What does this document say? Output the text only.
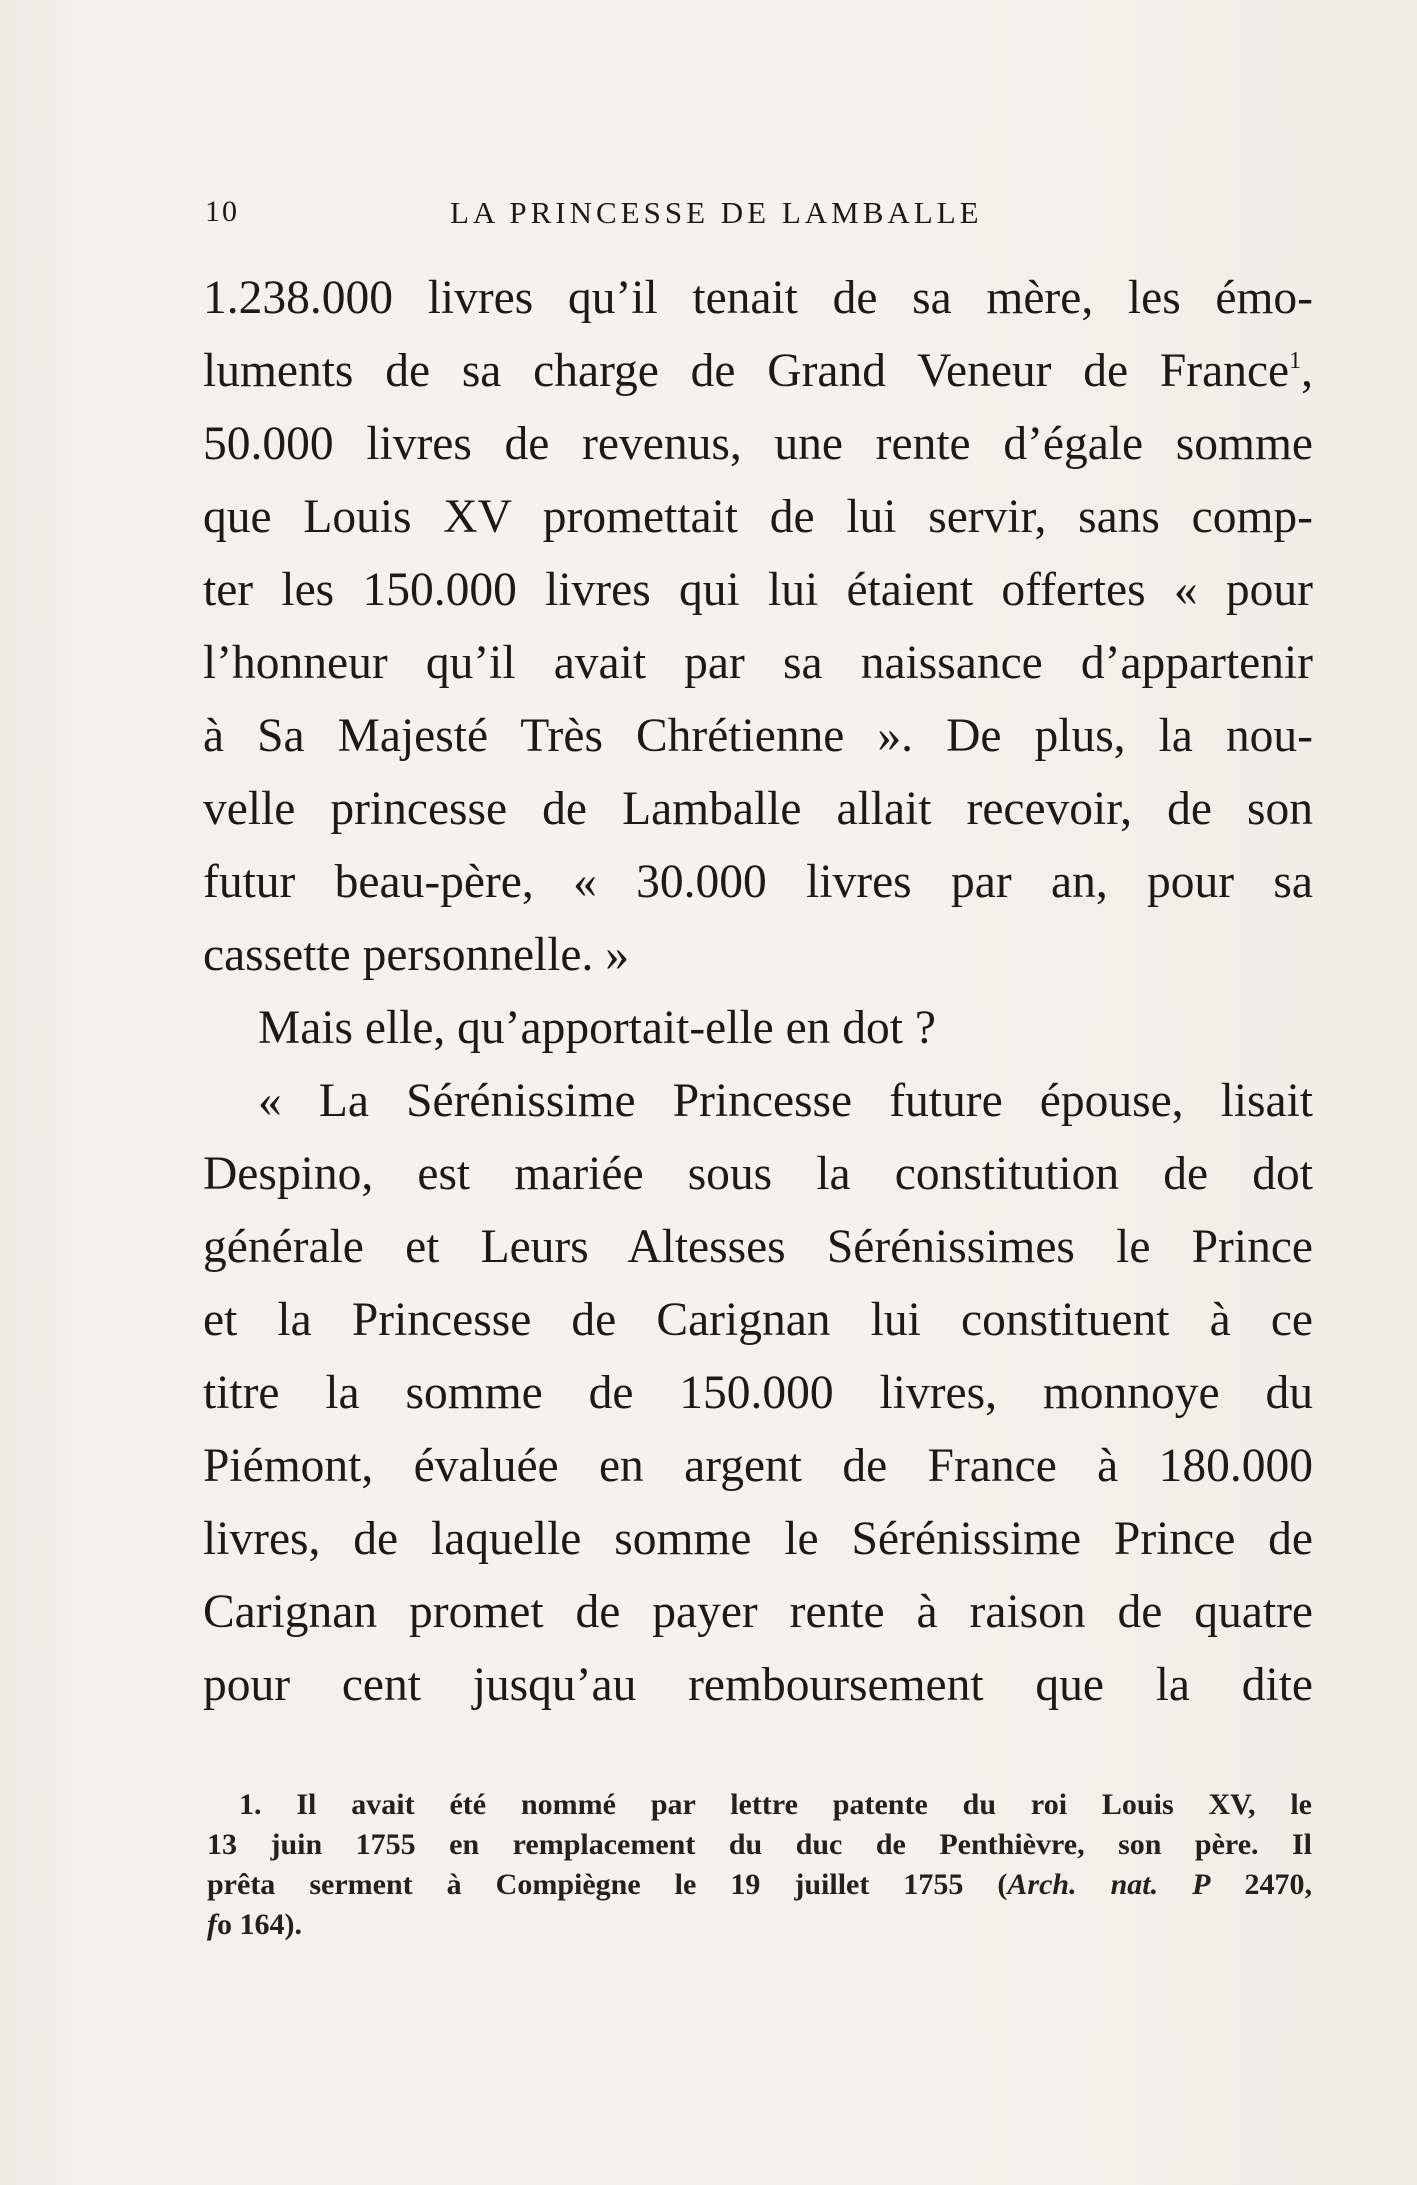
10	LA PRINCESSE DE LAMBALLE
1.238.000 livres qu’il tenait de sa mère, les émo-
luments de sa charge de Grand Veneur de France$^1$,
50.000 livres de revenus, une rente d’égale somme
que Louis XV promettait de lui servir, sans comp-
ter les 150.000 livres qui lui étaient offertes « pour
l’honneur qu’il avait par sa naissance d’appartenir
à Sa Majesté Très Chrétienne ». De plus, la nou-
velle princesse de Lamballe allait recevoir, de son
futur beau-père, « 30.000 livres par an, pour sa
cassette personnelle. »
Mais elle, qu’apportait-elle en dot ?
« La Sérénissime Princesse future épouse, lisait
Despino, est mariée sous la constitution de dot
générale et Leurs Altesses Sérénissimes le Prince
et la Princesse de Carignan lui constituent à ce
titre la somme de 150.000 livres, monnoye du
Piémont, évaluée en argent de France à 180.000
livres, de laquelle somme le Sérénissime Prince de
Carignan promet de payer rente à raison de quatre
pour cent jusqu’au remboursement que la dite
1. Il avait été nommé par lettre patente du roi Louis XV, le
13 juin 1755 en remplacement du duc de Penthièvre, son père. Il
prêta serment à Compiègne le 19 juillet 1755 (Arch. nat. P 2470,
fo 164).
